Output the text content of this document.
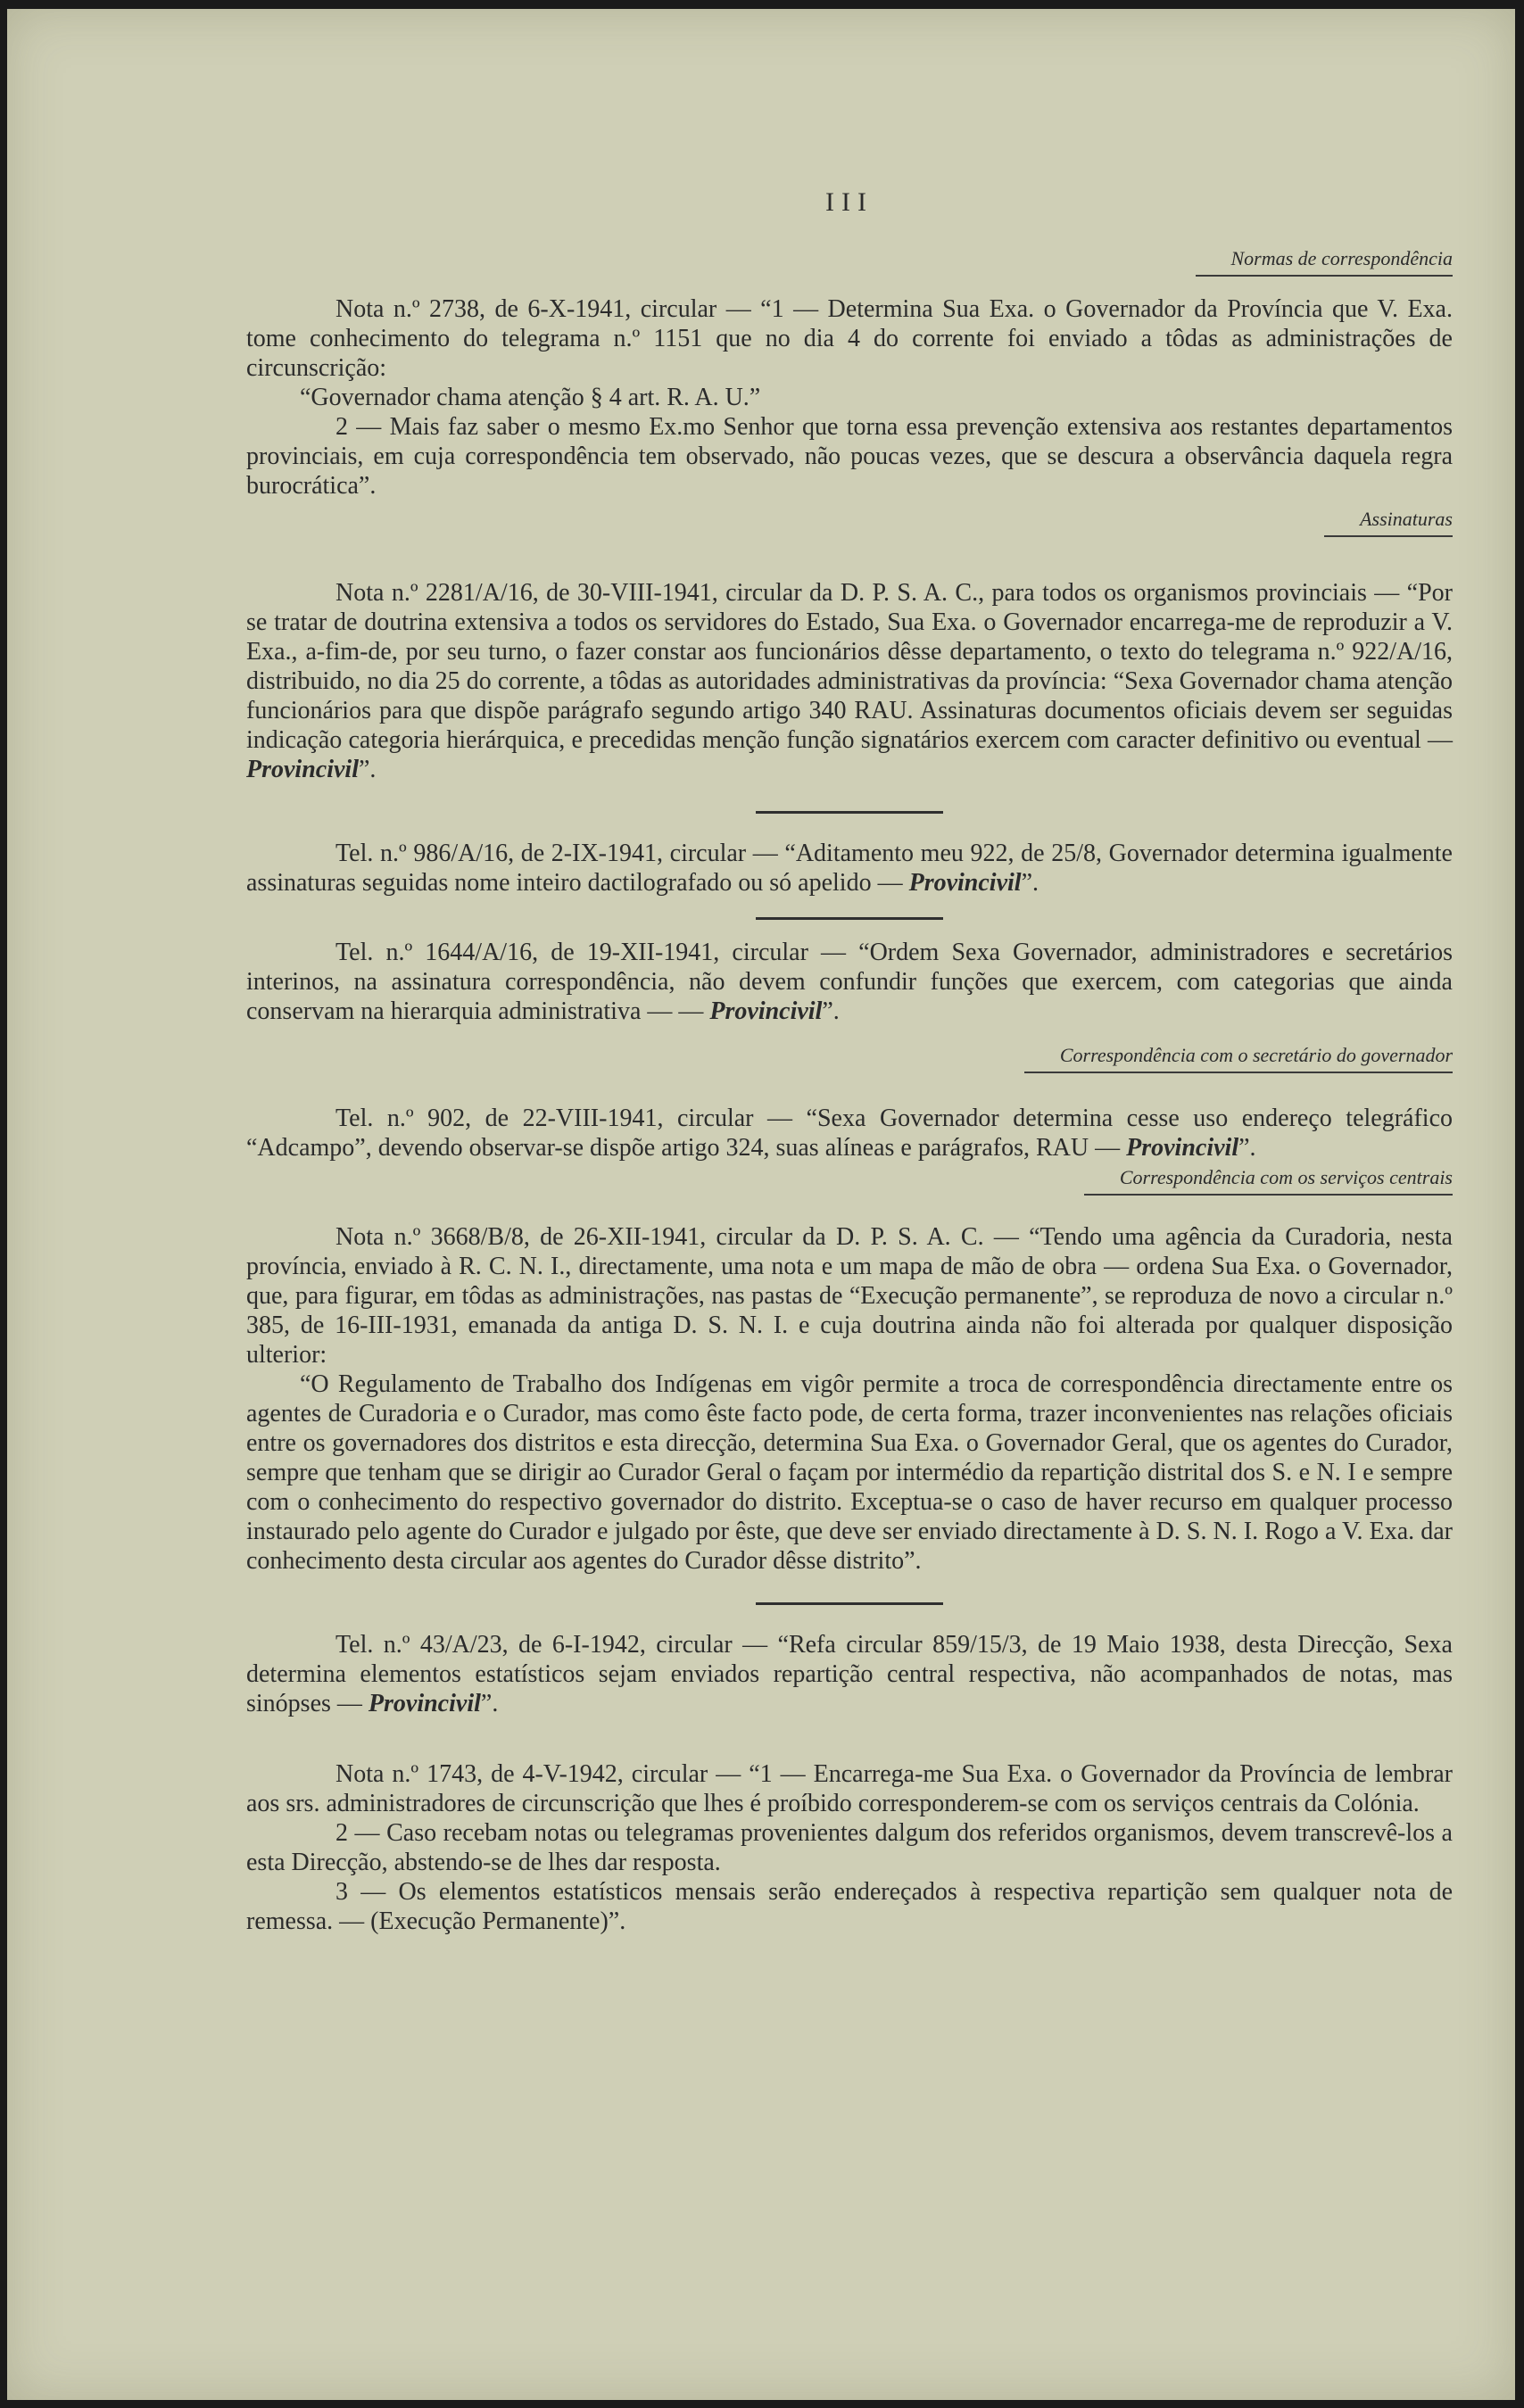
III
Normas de correspondência

Nota n.º 2738, de 6-X-1941, circular — “1 — Determina Sua Exa. o Governador da Província que V. Exa. tome conhecimento do telegrama n.º 1151 que no dia 4 do corrente foi enviado a tôdas as administrações de circunscrição:

“Governador chama atenção § 4 art. R. A. U.”

2 — Mais faz saber o mesmo Ex.mo Senhor que torna essa prevenção extensiva aos restantes departamentos provinciais, em cuja correspondência tem observado, não poucas vezes, que se descura a observância daquela regra burocrática”.

Assinaturas

Nota n.º 2281/A/16, de 30-VIII-1941, circular da D. P. S. A. C., para todos os organismos provinciais — “Por se tratar de doutrina extensiva a todos os servidores do Estado, Sua Exa. o Governador encarrega-me de reproduzir a V. Exa., a-fim-de, por seu turno, o fazer constar aos funcionários dêsse departamento, o texto do telegrama n.º 922/A/16, distribuido, no dia 25 do corrente, a tôdas as autoridades administrativas da província: “Sexa Governador chama atenção funcionários para que dispõe parágrafo segundo artigo 340 RAU. Assinaturas documentos oficiais devem ser seguidas indicação categoria hierárquica, e precedidas menção função signatários exercem com caracter definitivo ou eventual — Provincivil”.

Tel. n.º 986/A/16, de 2-IX-1941, circular — “Aditamento meu 922, de 25/8, Governador determina igualmente assinaturas seguidas nome inteiro dactilografado ou só apelido — Provincivil”.

Tel. n.º 1644/A/16, de 19-XII-1941, circular — “Ordem Sexa Governador, administradores e secretários interinos, na assinatura correspondência, não devem confundir funções que exercem, com categorias que ainda conservam na hierarquia administrativa — — Provincivil”.

Correspondência com o secretário do governador

Tel. n.º 902, de 22-VIII-1941, circular — “Sexa Governador determina cesse uso endereço telegráfico “Adcampo”, devendo observar-se dispõe artigo 324, suas alíneas e parágrafos, RAU — Provincivil”.

Correspondência com os serviços centrais

Nota n.º 3668/B/8, de 26-XII-1941, circular da D. P. S. A. C. — “Tendo uma agência da Curadoria, nesta província, enviado à R. C. N. I., directamente, uma nota e um mapa de mão de obra — ordena Sua Exa. o Governador, que, para figurar, em tôdas as administrações, nas pastas de “Execução permanente”, se reproduza de novo a circular n.º 385, de 16-III-1931, emanada da antiga D. S. N. I. e cuja doutrina ainda não foi alterada por qualquer disposição ulterior:

“O Regulamento de Trabalho dos Indígenas em vigôr permite a troca de correspondência directamente entre os agentes de Curadoria e o Curador, mas como êste facto pode, de certa forma, trazer inconvenientes nas relações oficiais entre os governadores dos distritos e esta direcção, determina Sua Exa. o Governador Geral, que os agentes do Curador, sempre que tenham que se dirigir ao Curador Geral o façam por intermédio da repartição distrital dos S. e N. I e sempre com o conhecimento do respectivo governador do distrito. Exceptua-se o caso de haver recurso em qualquer processo instaurado pelo agente do Curador e julgado por êste, que deve ser enviado directamente à D. S. N. I. Rogo a V. Exa. dar conhecimento desta circular aos agentes do Curador dêsse distrito”.

Tel. n.º 43/A/23, de 6-I-1942, circular — “Refa circular 859/15/3, de 19 Maio 1938, desta Direcção, Sexa determina elementos estatísticos sejam enviados repartição central respectiva, não acompanhados de notas, mas sinópses — Provincivil”.

Nota n.º 1743, de 4-V-1942, circular — “1 — Encarrega-me Sua Exa. o Governador da Província de lembrar aos srs. administradores de circunscrição que lhes é proíbido corresponderem-se com os serviços centrais da Colónia.

2 — Caso recebam notas ou telegramas provenientes dalgum dos referidos organismos, devem transcrevê-los a esta Direcção, abstendo-se de lhes dar resposta.

3 — Os elementos estatísticos mensais serão endereçados à respectiva repartição sem qualquer nota de remessa. — (Execução Permanente)”.
